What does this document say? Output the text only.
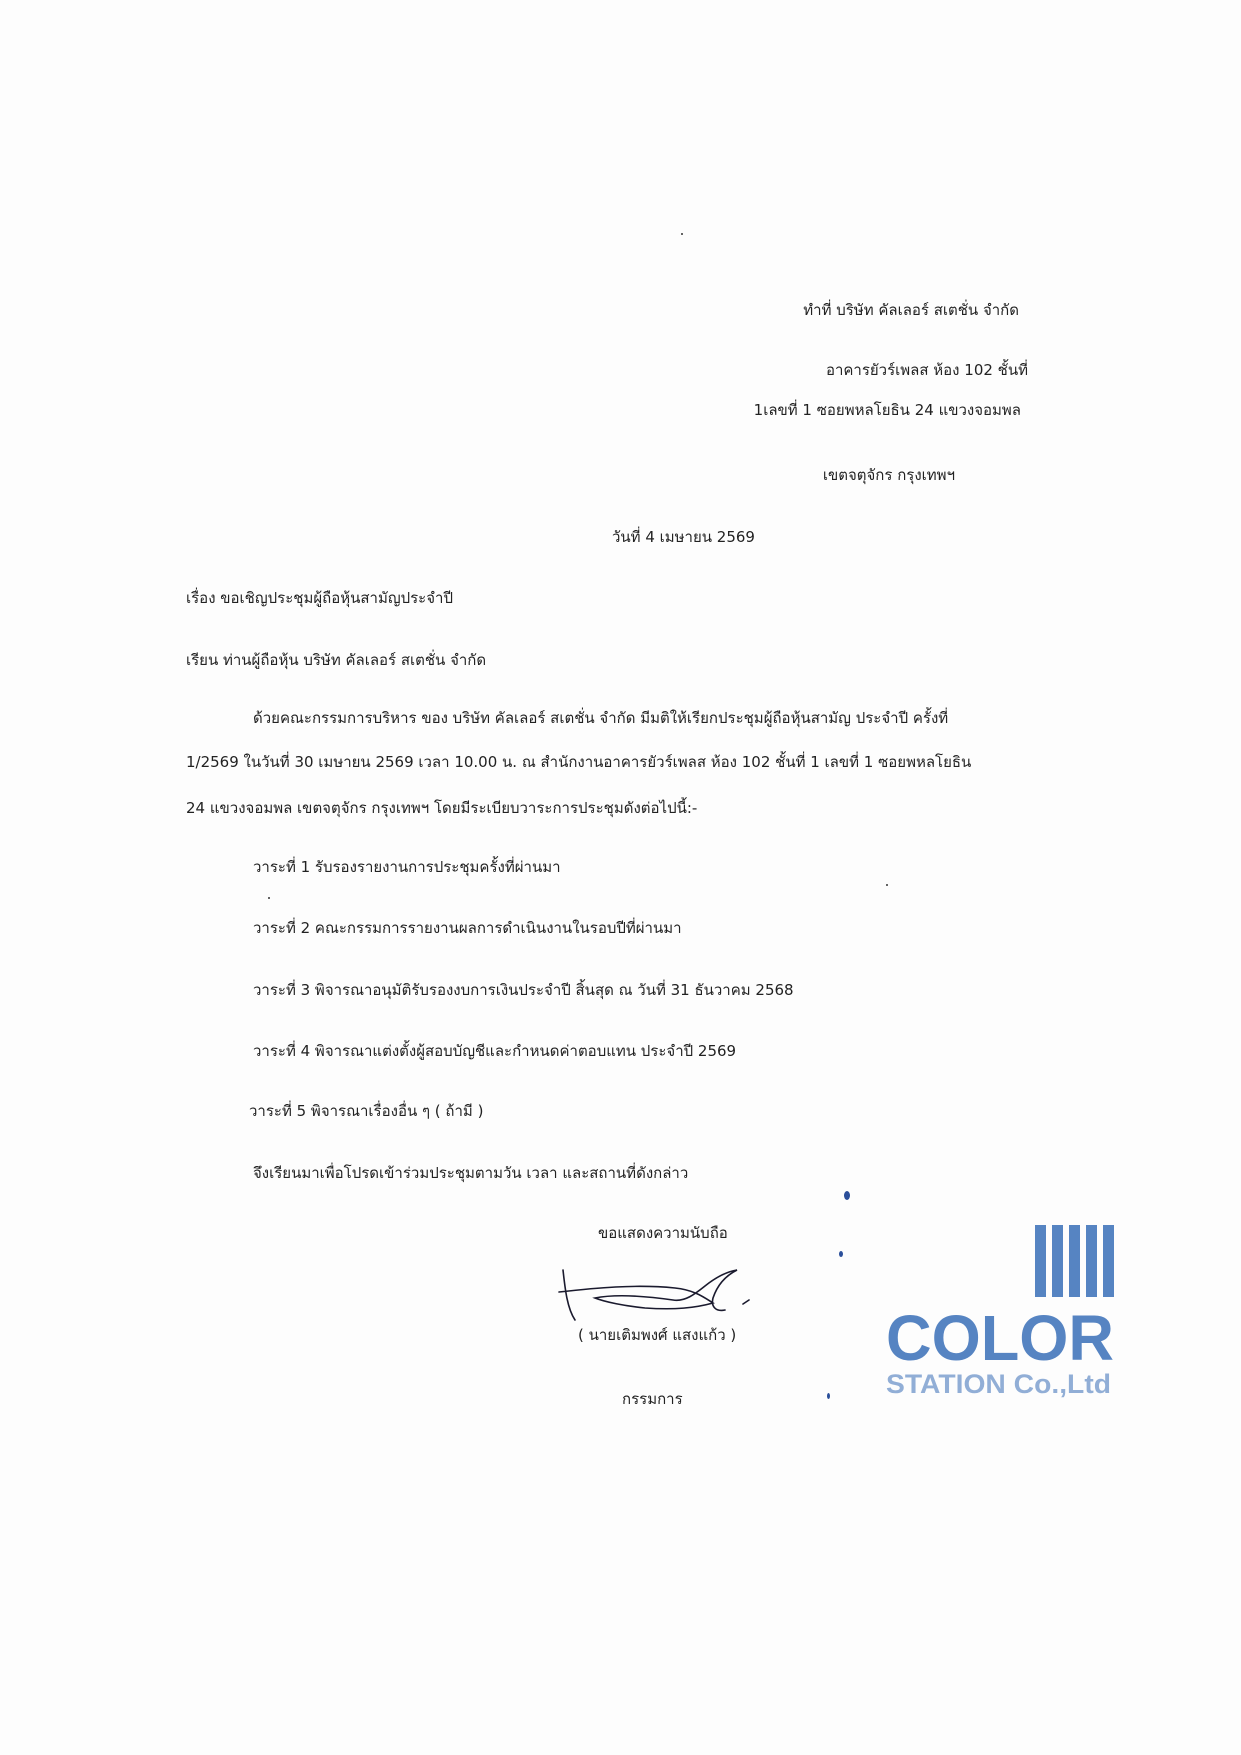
ทำที่ บริษัท คัลเลอร์ สเตชั่น จำกัด
อาคารยัวร์เพลส ห้อง 102 ชั้นที่
1เลขที่ 1 ซอยพหลโยธิน 24 แขวงจอมพล
เขตจตุจักร กรุงเทพฯ
วันที่ 4 เมษายน 2569
เรื่อง ขอเชิญประชุมผู้ถือหุ้นสามัญประจำปี
เรียน ท่านผู้ถือหุ้น บริษัท คัลเลอร์ สเตชั่น จำกัด
ด้วยคณะกรรมการบริหาร ของ บริษัท คัลเลอร์ สเตชั่น จำกัด มีมติให้เรียกประชุมผู้ถือหุ้นสามัญ ประจำปี ครั้งที่
1/2569 ในวันที่ 30 เมษายน 2569 เวลา 10.00 น. ณ สำนักงานอาคารยัวร์เพลส ห้อง 102 ชั้นที่ 1 เลขที่ 1 ซอยพหลโยธิน
24 แขวงจอมพล เขตจตุจักร กรุงเทพฯ โดยมีระเบียบวาระการประชุมดังต่อไปนี้:-
วาระที่ 1 รับรองรายงานการประชุมครั้งที่ผ่านมา
วาระที่ 2 คณะกรรมการรายงานผลการดำเนินงานในรอบปีที่ผ่านมา
วาระที่ 3 พิจารณาอนุมัติรับรองงบการเงินประจำปี สิ้นสุด ณ วันที่ 31 ธันวาคม 2568
วาระที่ 4 พิจารณาแต่งตั้งผู้สอบบัญชีและกำหนดค่าตอบแทน ประจำปี 2569
วาระที่ 5 พิจารณาเรื่องอื่น ๆ ( ถ้ามี )
จึงเรียนมาเพื่อโปรดเข้าร่วมประชุมตามวัน เวลา และสถานที่ดังกล่าว
ขอแสดงความนับถือ
( นายเติมพงศ์ แสงแก้ว )
กรรมการ
COLOR
STATION Co.,Ltd
